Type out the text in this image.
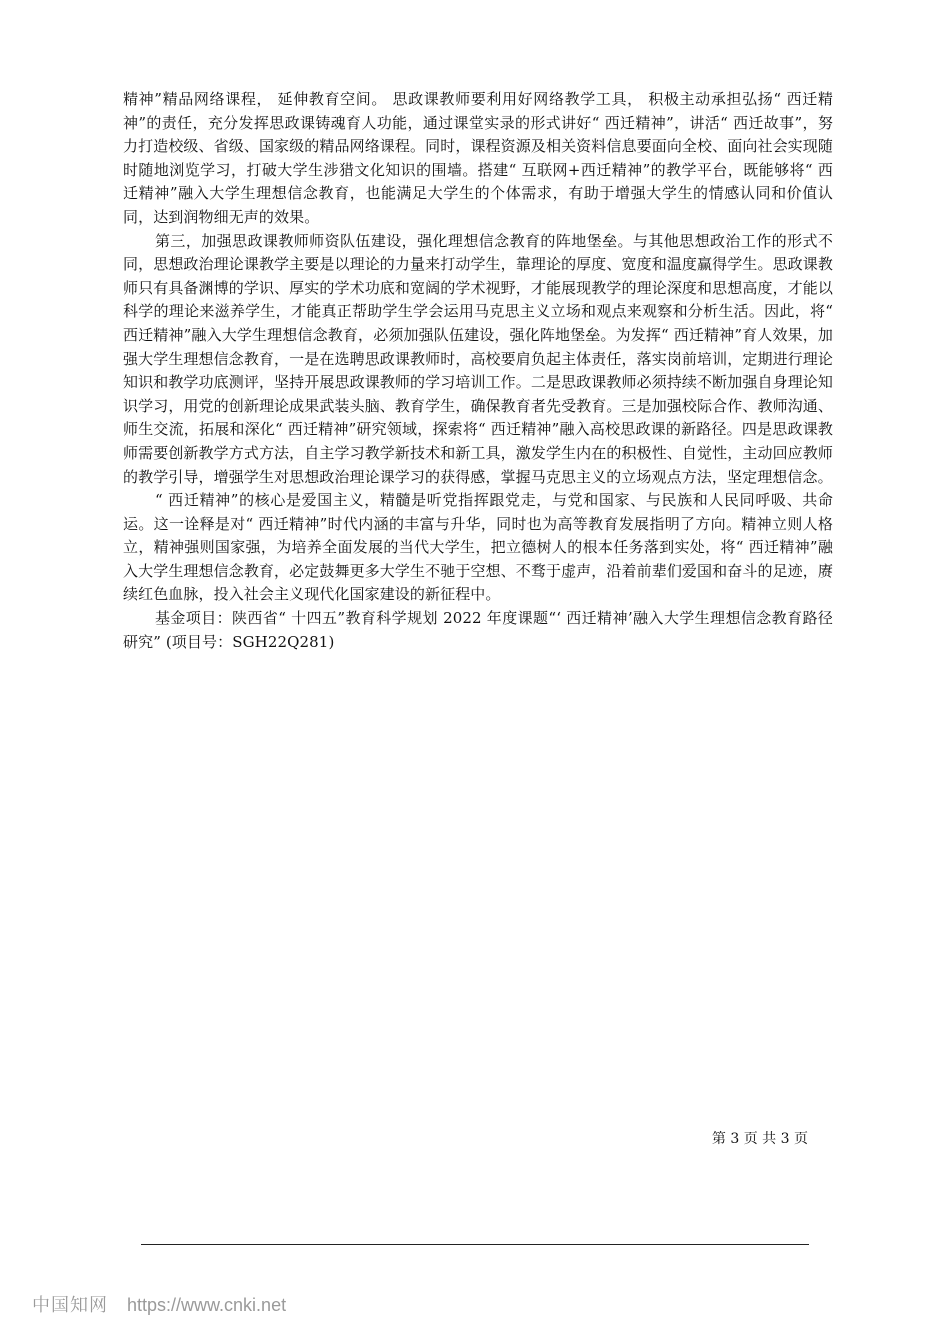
精神”精品网络课程， 延伸教育空间。 思政课教师要利用好网络教学工具， 积极主动承担弘扬“ 西迁精神”的责任，充分发挥思政课铸魂育人功能，通过课堂实录的形式讲好“ 西迁精神”，讲活“ 西迁故事”，努力打造校级、省级、国家级的精品网络课程。同时，课程资源及相关资料信息要面向全校、面向社会实现随时随地浏览学习，打破大学生涉猎文化知识的围墙。搭建“ 互联网+西迁精神”的教学平台，既能够将“ 西迁精神”融入大学生理想信念教育，也能满足大学生的个体需求，有助于增强大学生的情感认同和价值认同，达到润物细无声的效果。

第三，加强思政课教师师资队伍建设，强化理想信念教育的阵地堡垒。与其他思想政治工作的形式不同，思想政治理论课教学主要是以理论的力量来打动学生，靠理论的厚度、宽度和温度赢得学生。思政课教师只有具备渊博的学识、厚实的学术功底和宽阔的学术视野，才能展现教学的理论深度和思想高度，才能以科学的理论来滋养学生，才能真正帮助学生学会运用马克思主义立场和观点来观察和分析生活。因此，将“ 西迁精神”融入大学生理想信念教育，必须加强队伍建设，强化阵地堡垒。为发挥“ 西迁精神”育人效果，加强大学生理想信念教育，一是在选聘思政课教师时，高校要肩负起主体责任，落实岗前培训，定期进行理论知识和教学功底测评，坚持开展思政课教师的学习培训工作。二是思政课教师必须持续不断加强自身理论知识学习，用党的创新理论成果武装头脑、教育学生，确保教育者先受教育。三是加强校际合作、教师沟通、师生交流，拓展和深化“ 西迁精神”研究领域，探索将“ 西迁精神”融入高校思政课的新路径。四是思政课教师需要创新教学方式方法，自主学习教学新技术和新工具，激发学生内在的积极性、自觉性，主动回应教师的教学引导，增强学生对思想政治理论课学习的获得感，掌握马克思主义的立场观点方法，坚定理想信念。

“ 西迁精神”的核心是爱国主义，精髓是听党指挥跟党走，与党和国家、与民族和人民同呼吸、共命运。这一诠释是对“ 西迁精神”时代内涵的丰富与升华，同时也为高等教育发展指明了方向。精神立则人格立，精神强则国家强，为培养全面发展的当代大学生，把立德树人的根本任务落到实处，将“ 西迁精神”融入大学生理想信念教育，必定鼓舞更多大学生不驰于空想、不骛于虚声，沿着前辈们爱国和奋斗的足迹，赓续红色血脉，投入社会主义现代化国家建设的新征程中。

基金项目：陕西省“ 十四五”教育科学规划 2022 年度课题“‘ 西迁精神’融入大学生理想信念教育路径研究” (项目号：SGH22Q281)

第 3 页 共 3 页
中国知网 https://www.cnki.net
